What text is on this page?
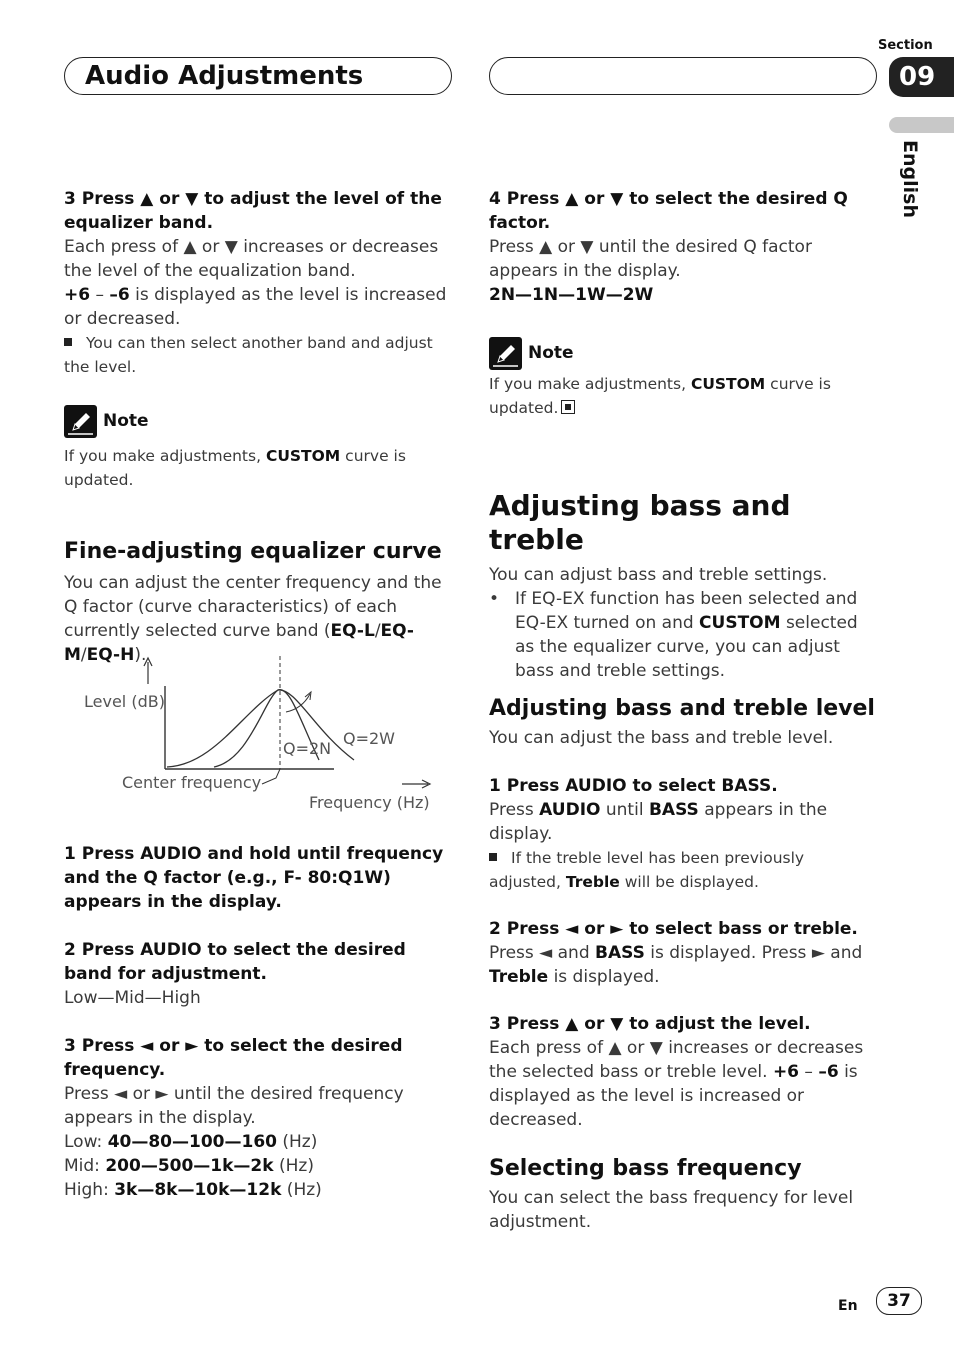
Audio Adjustments
Section
09
English

3 Press ▲ or ▼ to adjust the level of the equalizer band.

Each press of ▲ or ▼ increases or decreases the level of the equalization band.

+6 – –6 is displayed as the level is increased or decreased.

You can then select another band and adjust the level.

Note

If you make adjustments, CUSTOM curve is updated.

Fine-adjusting equalizer curve

You can adjust the center frequency and the Q factor (curve characteristics) of each currently selected curve band (EQ-L/EQ-M/EQ-H).

Level (dB)
Q=2N
Q=2W
Center frequency
Frequency (Hz)

1 Press AUDIO and hold until frequency and the Q factor (e.g., F- 80:Q1W) appears in the display.

2 Press AUDIO to select the desired band for adjustment.

Low—Mid—High

3 Press ◄ or ► to select the desired frequency.

Press ◄ or ► until the desired frequency appears in the display.

Low: 40—80—100—160 (Hz)

Mid: 200—500—1k—2k (Hz)

High: 3k—8k—10k—12k (Hz)

4 Press ▲ or ▼ to select the desired Q factor.

Press ▲ or ▼ until the desired Q factor appears in the display.

2N—1N—1W—2W

Note

If you make adjustments, CUSTOM curve is updated.

Adjusting bass and treble

You can adjust bass and treble settings.

• If EQ-EX function has been selected and EQ-EX turned on and CUSTOM selected as the equalizer curve, you can adjust bass and treble settings.

Adjusting bass and treble level

You can adjust the bass and treble level.

1 Press AUDIO to select BASS.

Press AUDIO until BASS appears in the display.

If the treble level has been previously adjusted, Treble will be displayed.

2 Press ◄ or ► to select bass or treble.

Press ◄ and BASS is displayed. Press ► and Treble is displayed.

3 Press ▲ or ▼ to adjust the level.

Each press of ▲ or ▼ increases or decreases the selected bass or treble level. +6 – –6 is displayed as the level is increased or decreased.

Selecting bass frequency

You can select the bass frequency for level adjustment.

En	37
